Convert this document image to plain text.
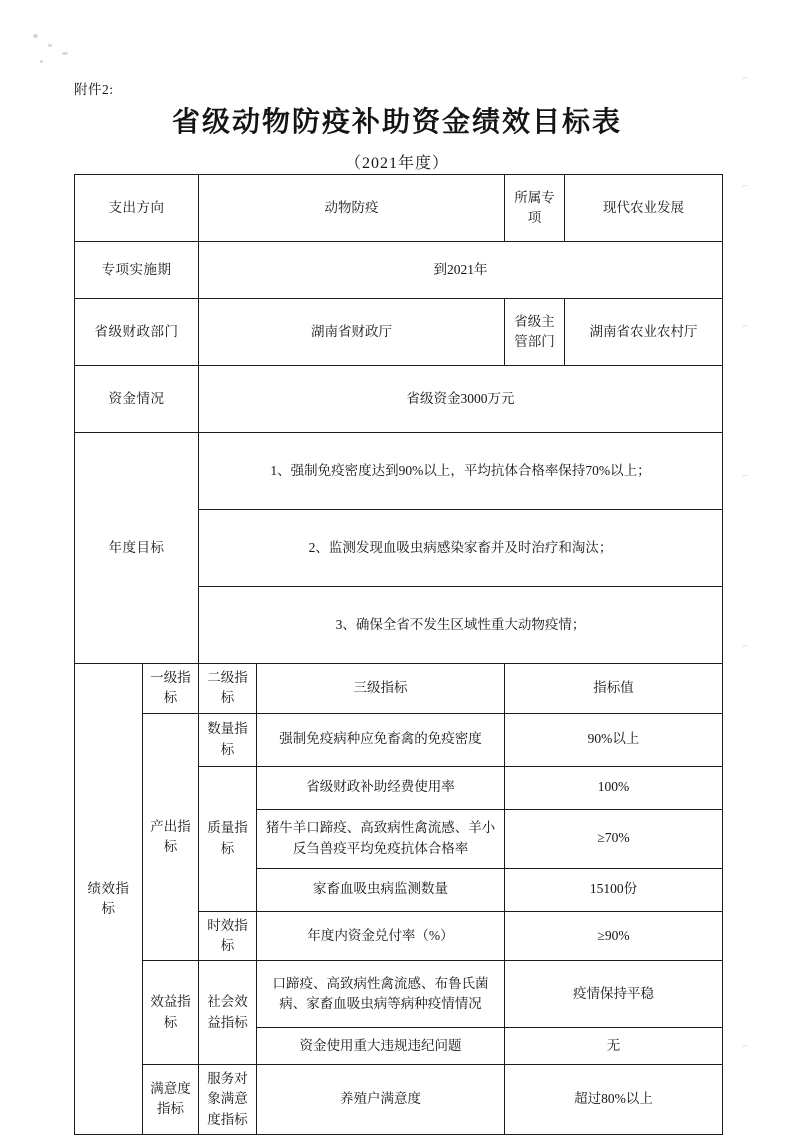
⌐
⌐
⌐
⌐
⌐
⌐
附件2:
省级动物防疫补助资金绩效目标表
（2021年度）
支出方向		动物防疫		所属专项	现代农业发展
专项实施期		到2021年			
省级财政部门		湖南省财政厅		省级主管部门	湖南省农业农村厅
资金情况		省级资金3000万元			
年度目标		1、强制免疫密度达到90%以上，平均抗体合格率保持70%以上；			
		2、监测发现血吸虫病感染家畜并及时治疗和淘汰；			
		3、确保全省不发生区域性重大动物疫情；			
绩效指标	一级指标	二级指标	三级指标	指标值	
	产出指标	数量指标	强制免疫病种应免畜禽的免疫密度	90%以上	
		质量指标	省级财政补助经费使用率	100%	
			猪牛羊口蹄疫、高致病性禽流感、羊小反刍兽疫平均免疫抗体合格率	≥70%	
			家畜血吸虫病监测数量	15100份	
		时效指标	年度内资金兑付率（%）	≥90%	
	效益指标	社会效益指标	口蹄疫、高致病性禽流感、布鲁氏菌病、家畜血吸虫病等病种疫情情况	疫情保持平稳	
			资金使用重大违规违纪问题	无	
	满意度指标	服务对象满意度指标	养殖户满意度	超过80%以上	
